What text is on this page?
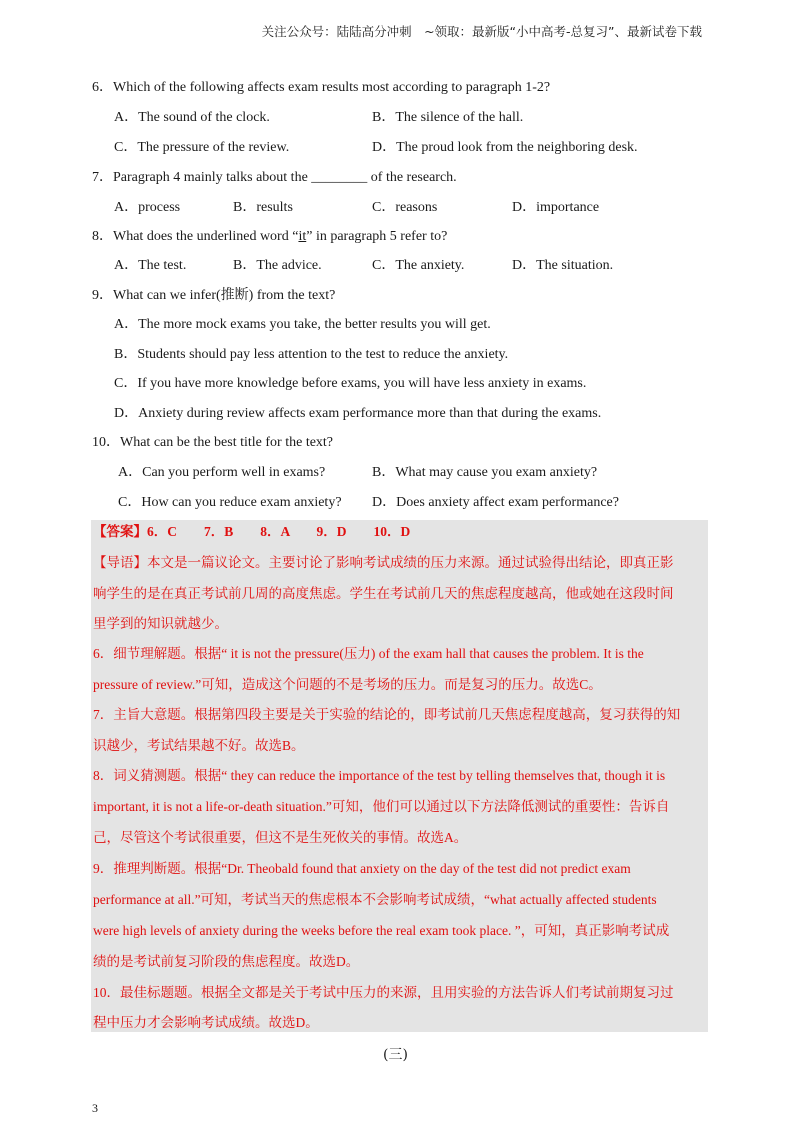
关注公众号：陆陆高分冲刺　~领取：最新版“小中高考-总复习”、最新试卷下载
6．Which of the following affects exam results most according to paragraph 1-2?
A．The sound of the clock.	B．The silence of the hall.
C．The pressure of the review.	D．The proud look from the neighboring desk.
7．Paragraph 4 mainly talks about the ________ of the research.
A．process	B．results	C．reasons	D．importance
8．What does the underlined word “it” in paragraph 5 refer to?
A．The test.	B．The advice.	C．The anxiety.	D．The situation.
9．What can we infer(推断) from the text?
A．The more mock exams you take, the better results you will get.
B．Students should pay less attention to the test to reduce the anxiety.
C．If you have more knowledge before exams, you will have less anxiety in exams.
D．Anxiety during review affects exam performance more than that during the exams.
10．What can be the best title for the text?
A．Can you perform well in exams?	B．What may cause you exam anxiety?
C．How can you reduce exam anxiety? D．Does anxiety affect exam performance?
【答案】6．C　　7．B　　8．A　　9．D　　10．D
【导语】本文是一篇议论文。主要讨论了影响考试成绩的压力来源。通过试验得出结论，即真正影
响学生的是在真正考试前几周的高度焦虑。学生在考试前几天的焦虑程度越高，他或她在这段时间
里学到的知识就越少。
6．细节理解题。根据“ it is not the pressure(压力) of the exam hall that causes the problem. It is the
pressure of review.”可知，造成这个问题的不是考场的压力。而是复习的压力。故选C。
7．主旨大意题。根据第四段主要是关于实验的结论的，即考试前几天焦虑程度越高，复习获得的知
识越少，考试结果越不好。故选B。
8．词义猜测题。根据“ they can reduce the importance of the test by telling themselves that, though it is
important, it is not a life-or-death situation.”可知，他们可以通过以下方法降低测试的重要性：告诉自
己，尽管这个考试很重要，但这不是生死攸关的事情。故选A。
9．推理判断题。根据“Dr. Theobald found that anxiety on the day of the test did not predict exam
performance at all.”可知，考试当天的焦虑根本不会影响考试成绩，“what actually affected students
were high levels of anxiety during the weeks before the real exam took place. ”，可知，真正影响考试成
绩的是考试前复习阶段的焦虑程度。故选D。
10．最佳标题题。根据全文都是关于考试中压力的来源，且用实验的方法告诉人们考试前期复习过
程中压力才会影响考试成绩。故选D。
(三)
3
